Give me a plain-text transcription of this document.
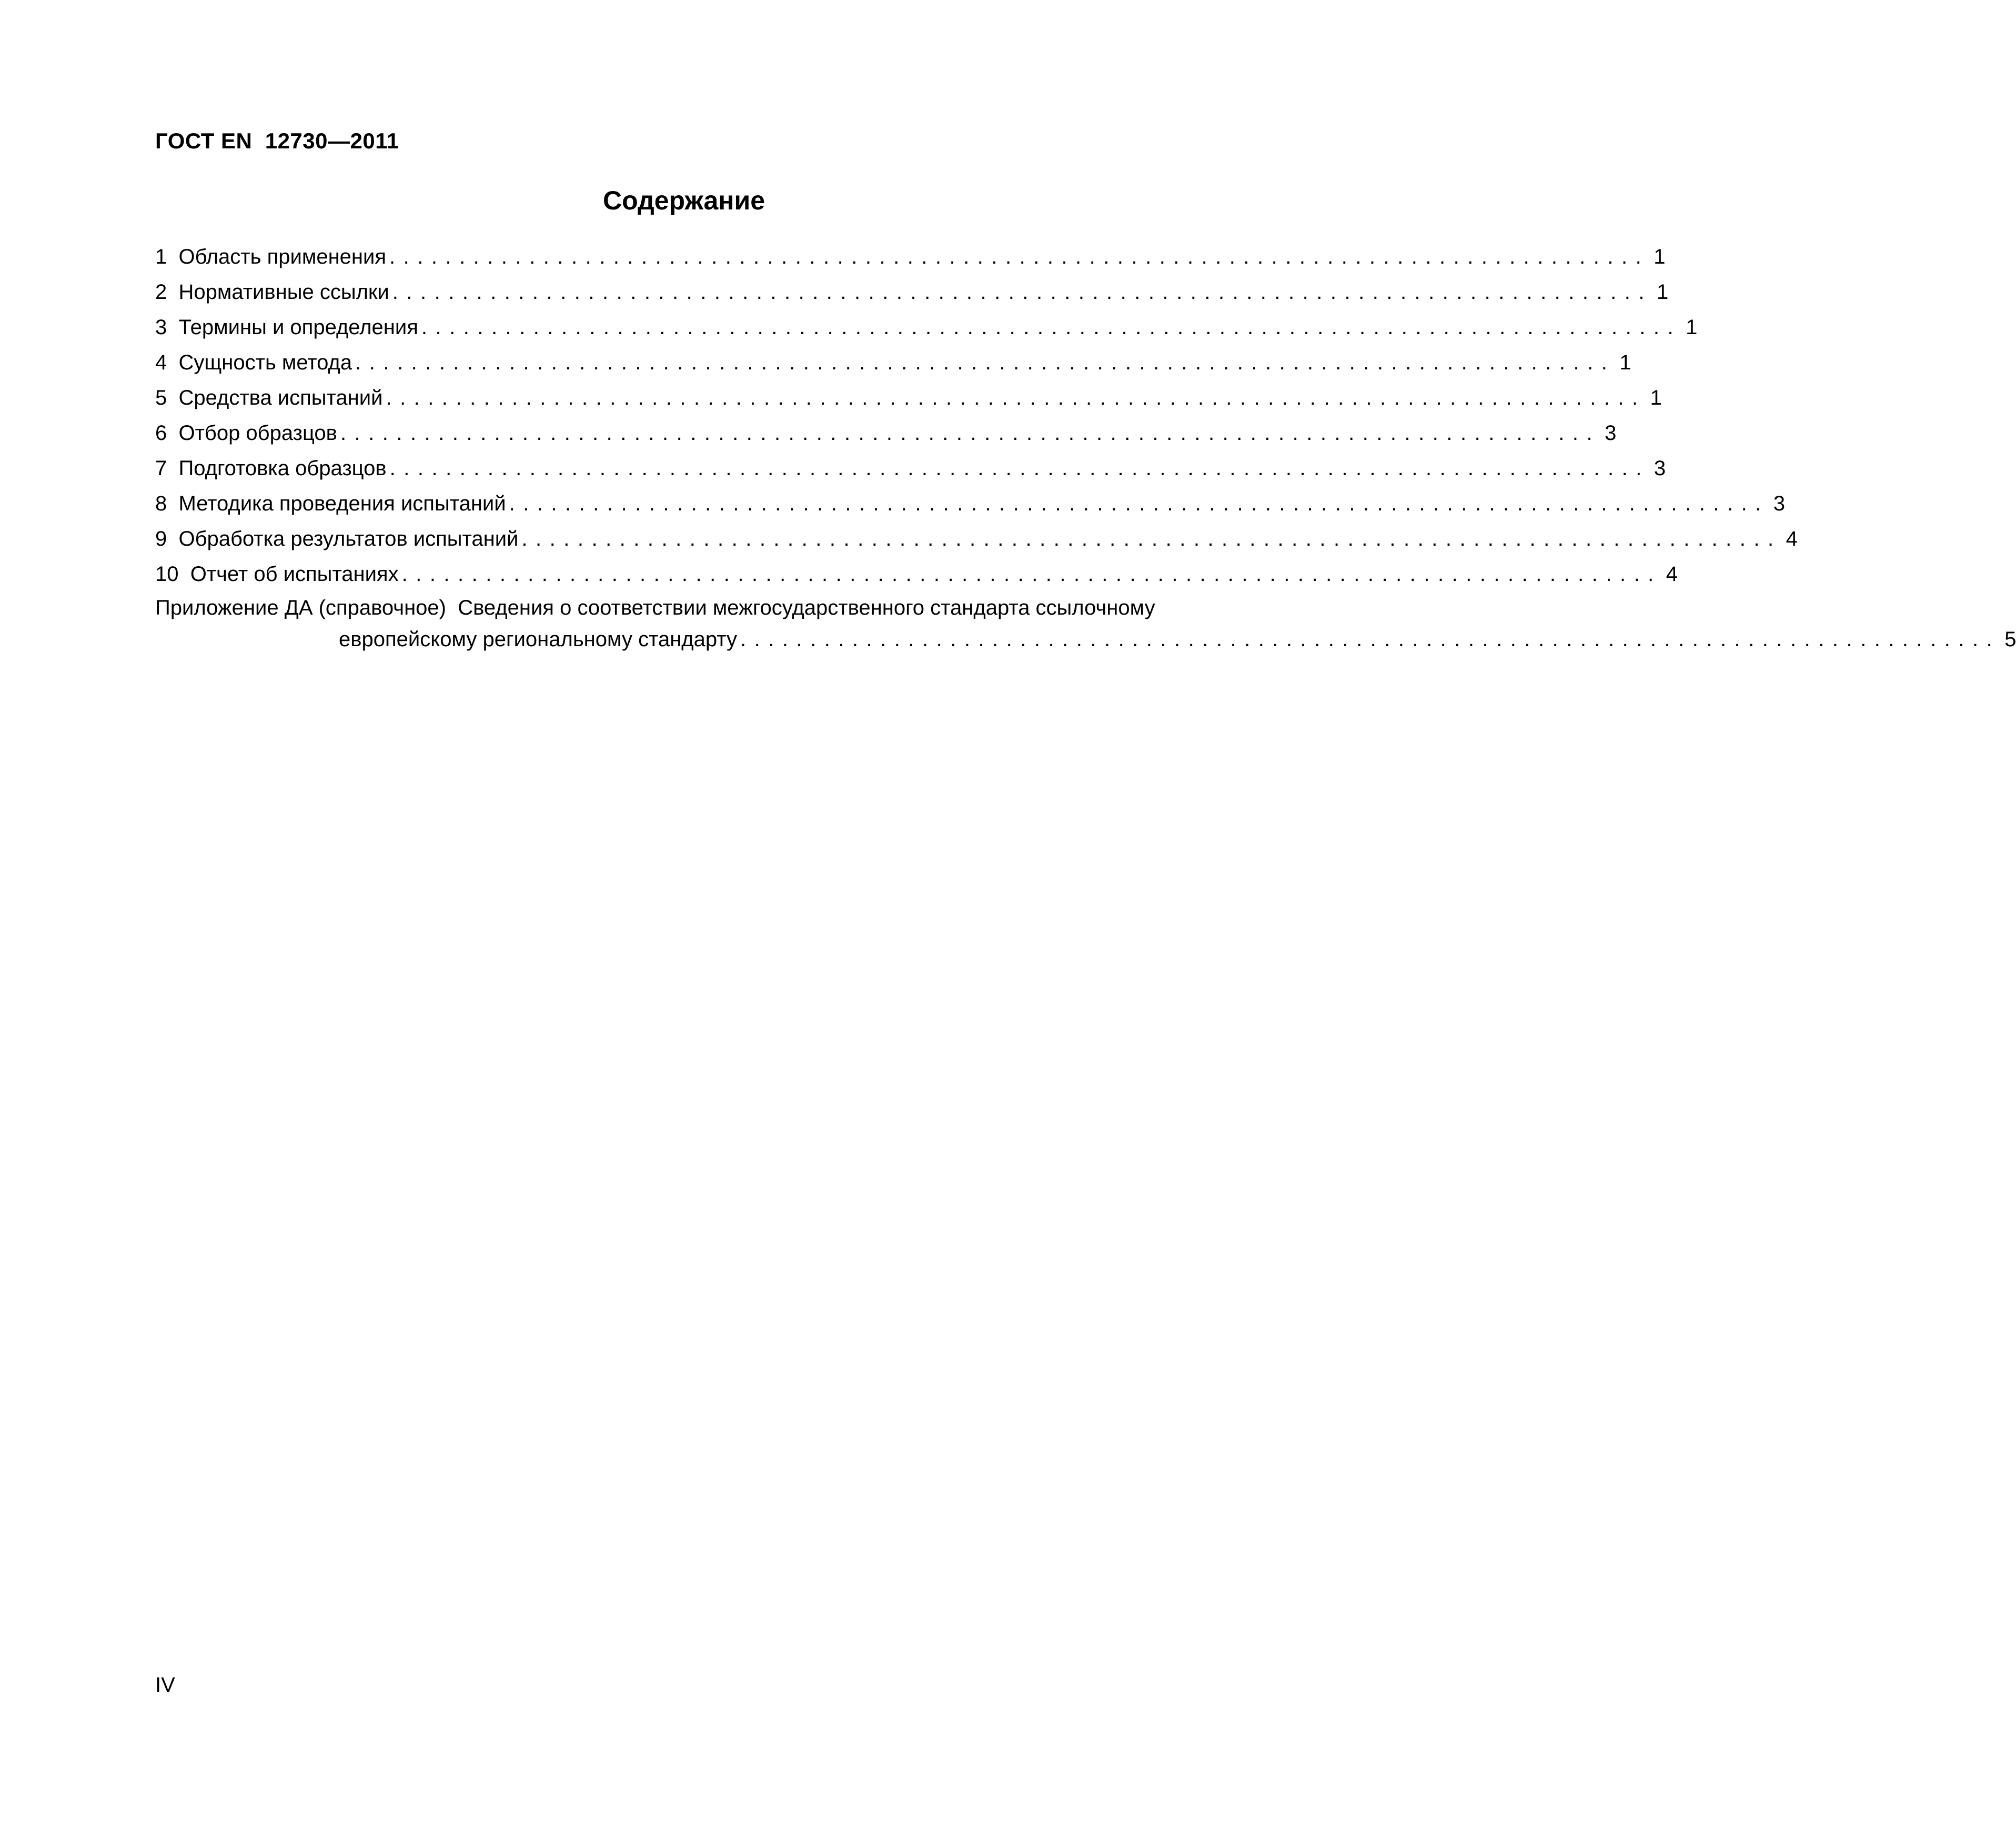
ГОСТ EN  12730—2011
Содержание
1
Область применения .......................................................................................... 1
2
Нормативные ссылки .......................................................................................... 1
3
Термины и определения .......................................................................................... 1
4
Сущность метода .......................................................................................... 1
5
Средства испытаний .......................................................................................... 1
6
Отбор образцов .......................................................................................... 3
7
Подготовка образцов .......................................................................................... 3
8
Методика проведения испытаний .......................................................................................... 3
9
Обработка результатов испытаний .......................................................................................... 4
10
Отчет об испытаниях .......................................................................................... 4
Приложение ДА (справочное) Сведения о соответствии межгосударственного стандарта ссылочному
европейскому региональному стандарту .......................................................................................... 5
IV
